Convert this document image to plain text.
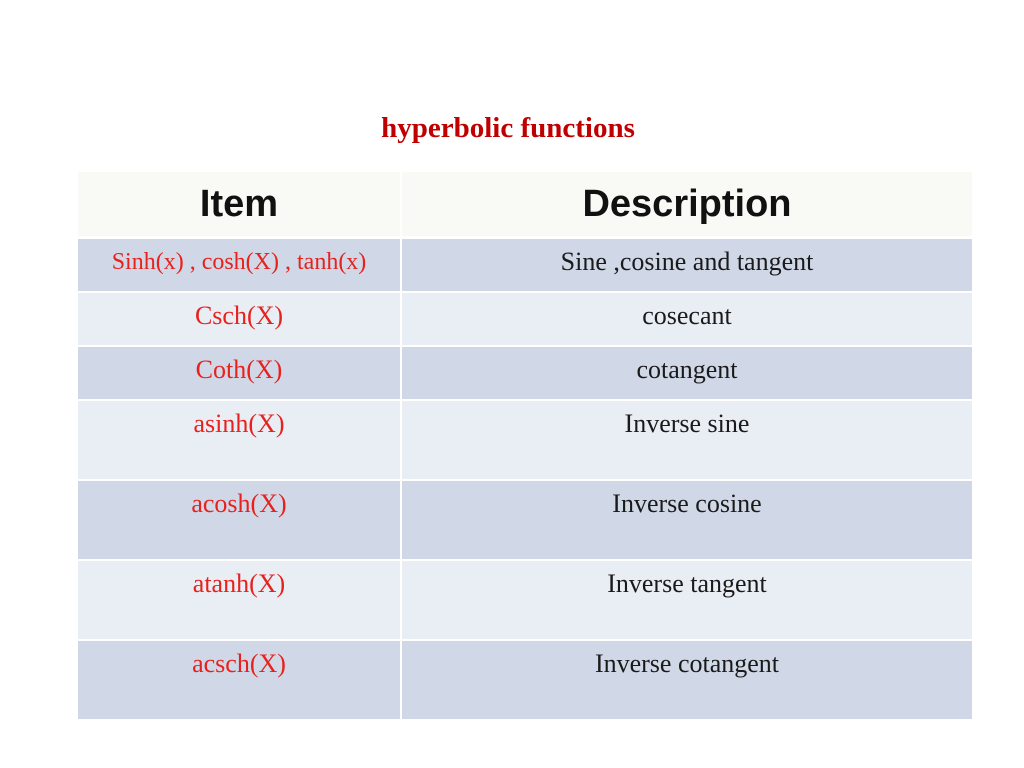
hyperbolic functions
Item	Description
Sinh(x) , cosh(X) , tanh(x)	Sine ,cosine and tangent
Csch(X)	cosecant
Coth(X)	cotangent
asinh(X)	Inverse sine
acosh(X)	Inverse cosine
atanh(X)	Inverse tangent
acsch(X)	Inverse cotangent
